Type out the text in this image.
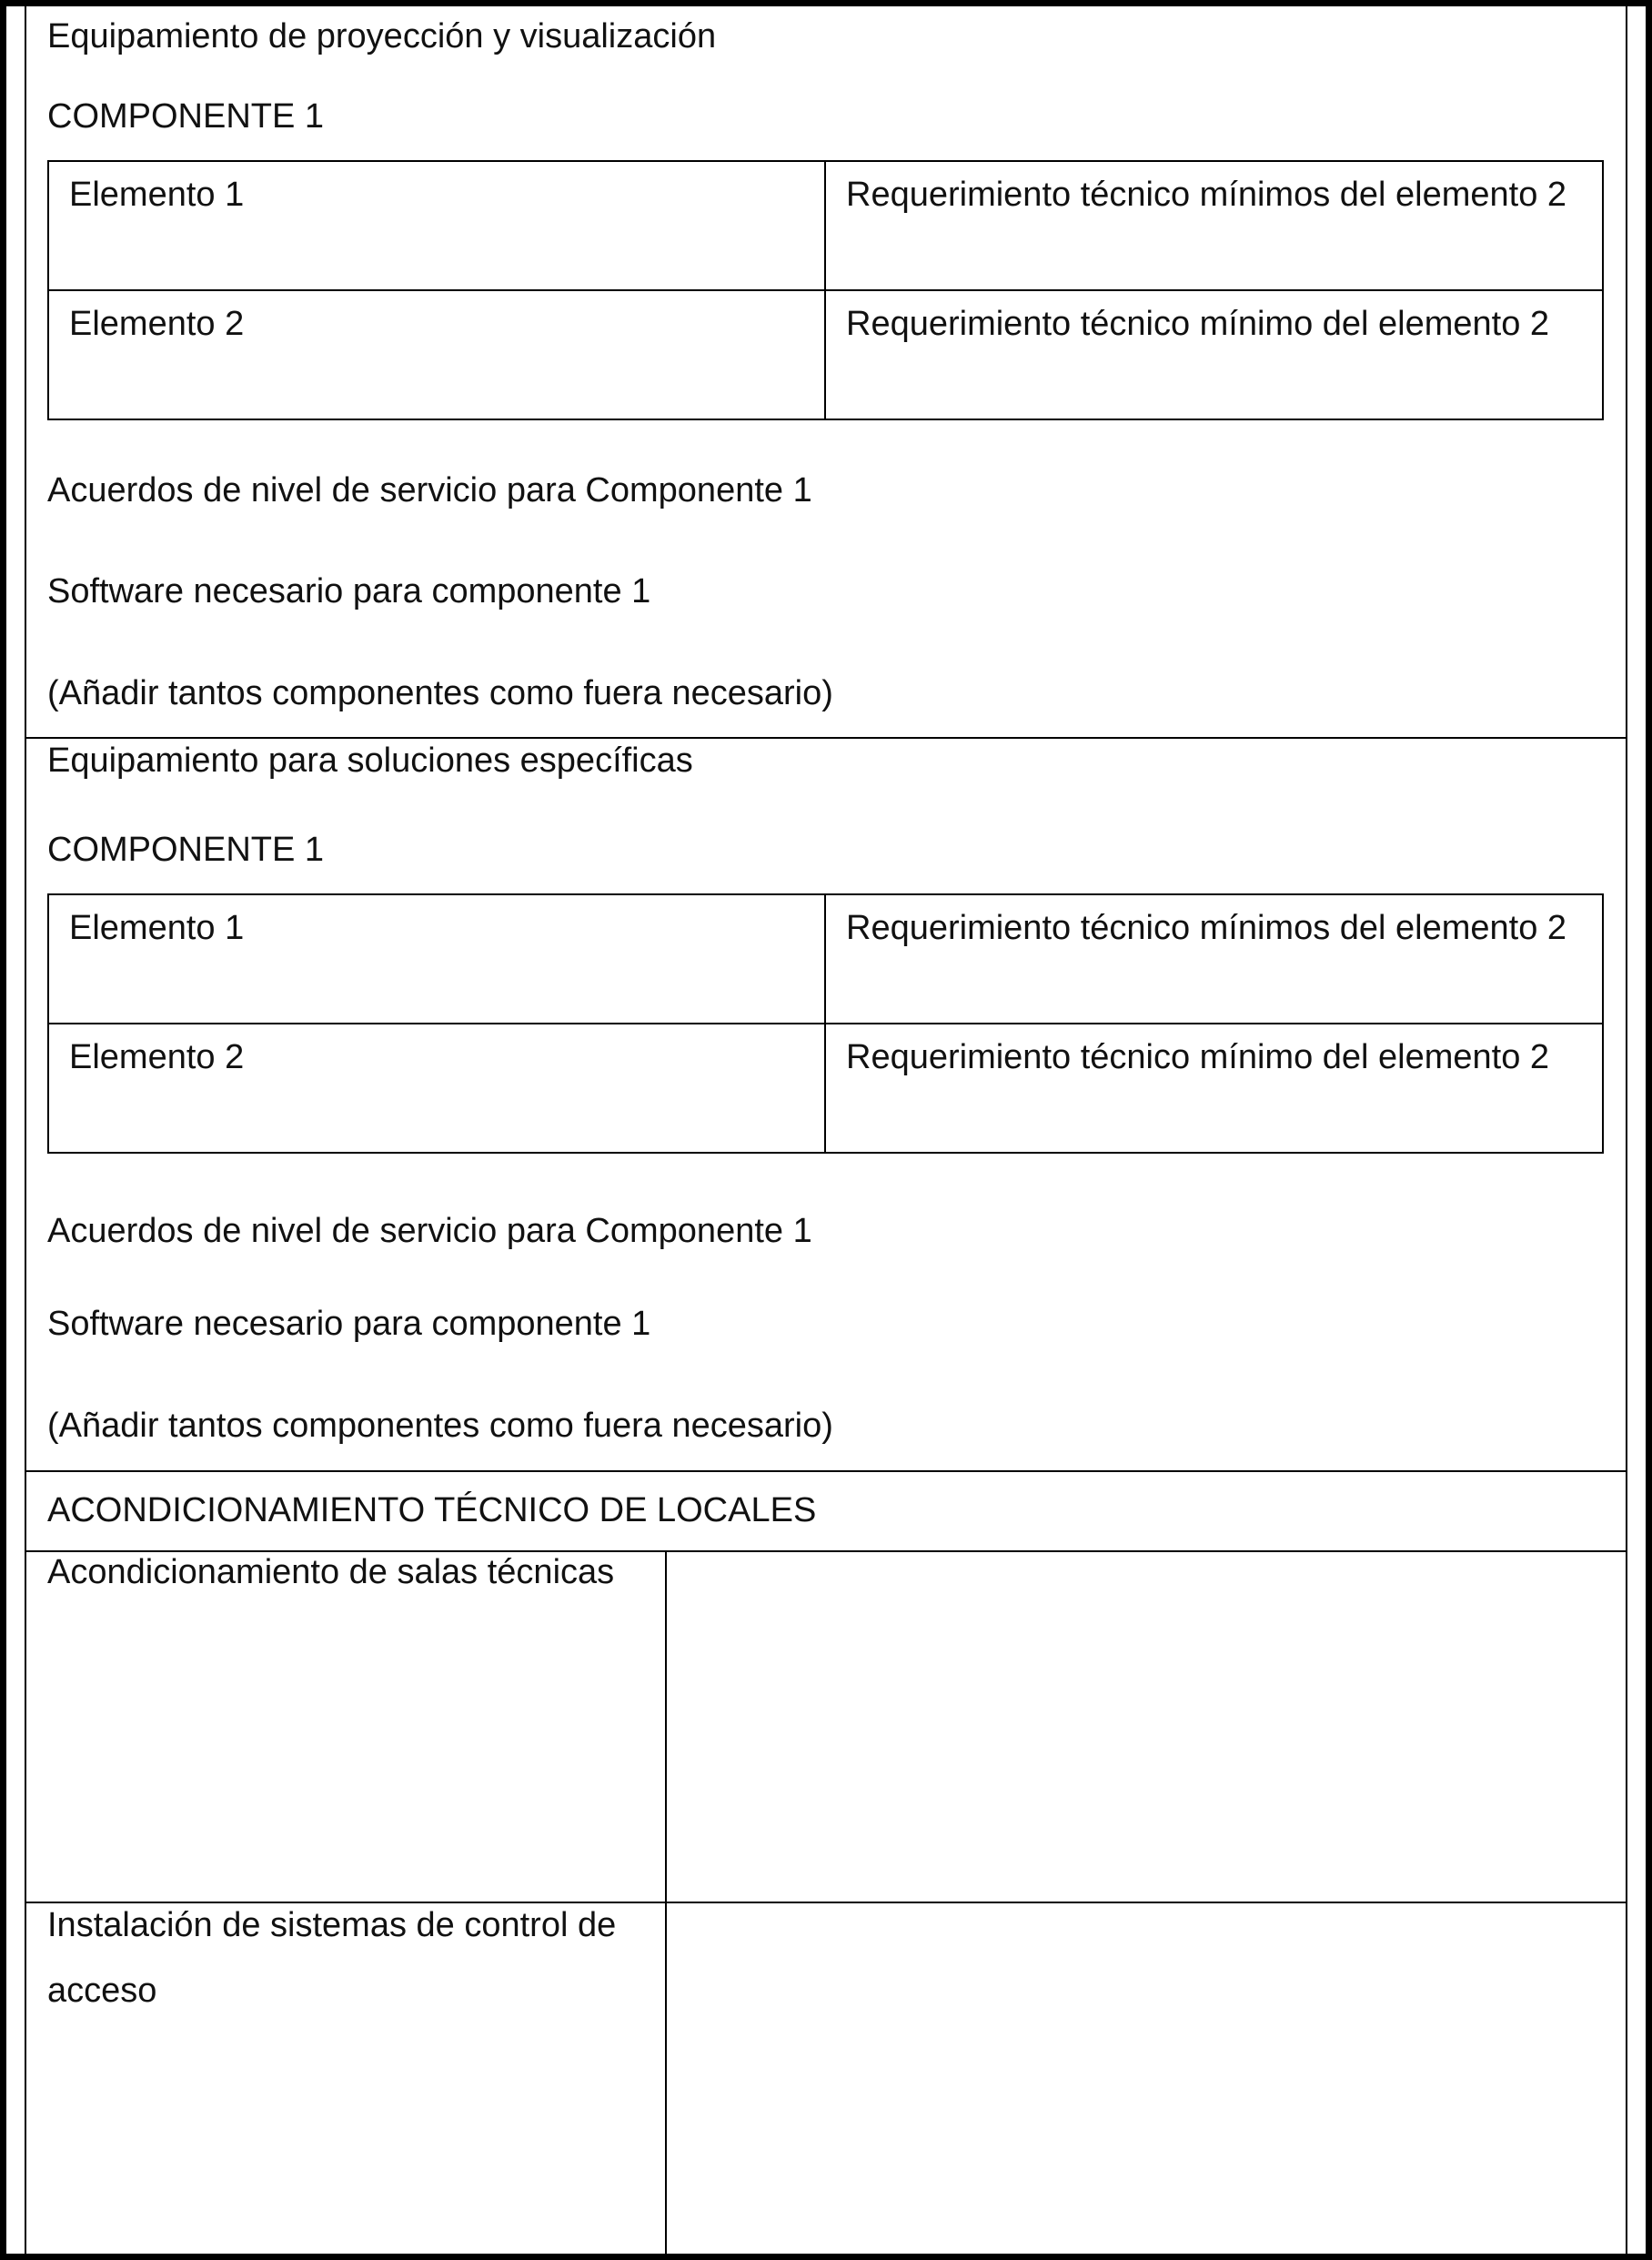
Equipamiento de proyección y visualización
COMPONENTE 1
Elemento 1	Requerimiento técnico mínimos del elemento 2
Elemento 2	Requerimiento técnico mínimo del elemento 2
Acuerdos de nivel de servicio para Componente 1
Software necesario para componente 1
(Añadir tantos componentes como fuera necesario)
Equipamiento para soluciones específicas
COMPONENTE 1
Elemento 1	Requerimiento técnico mínimos del elemento 2
Elemento 2	Requerimiento técnico mínimo del elemento 2
Acuerdos de nivel de servicio para Componente 1
Software necesario para componente 1
(Añadir tantos componentes como fuera necesario)
ACONDICIONAMIENTO TÉCNICO DE LOCALES
Acondicionamiento de salas técnicas
Instalación de sistemas de control de acceso
